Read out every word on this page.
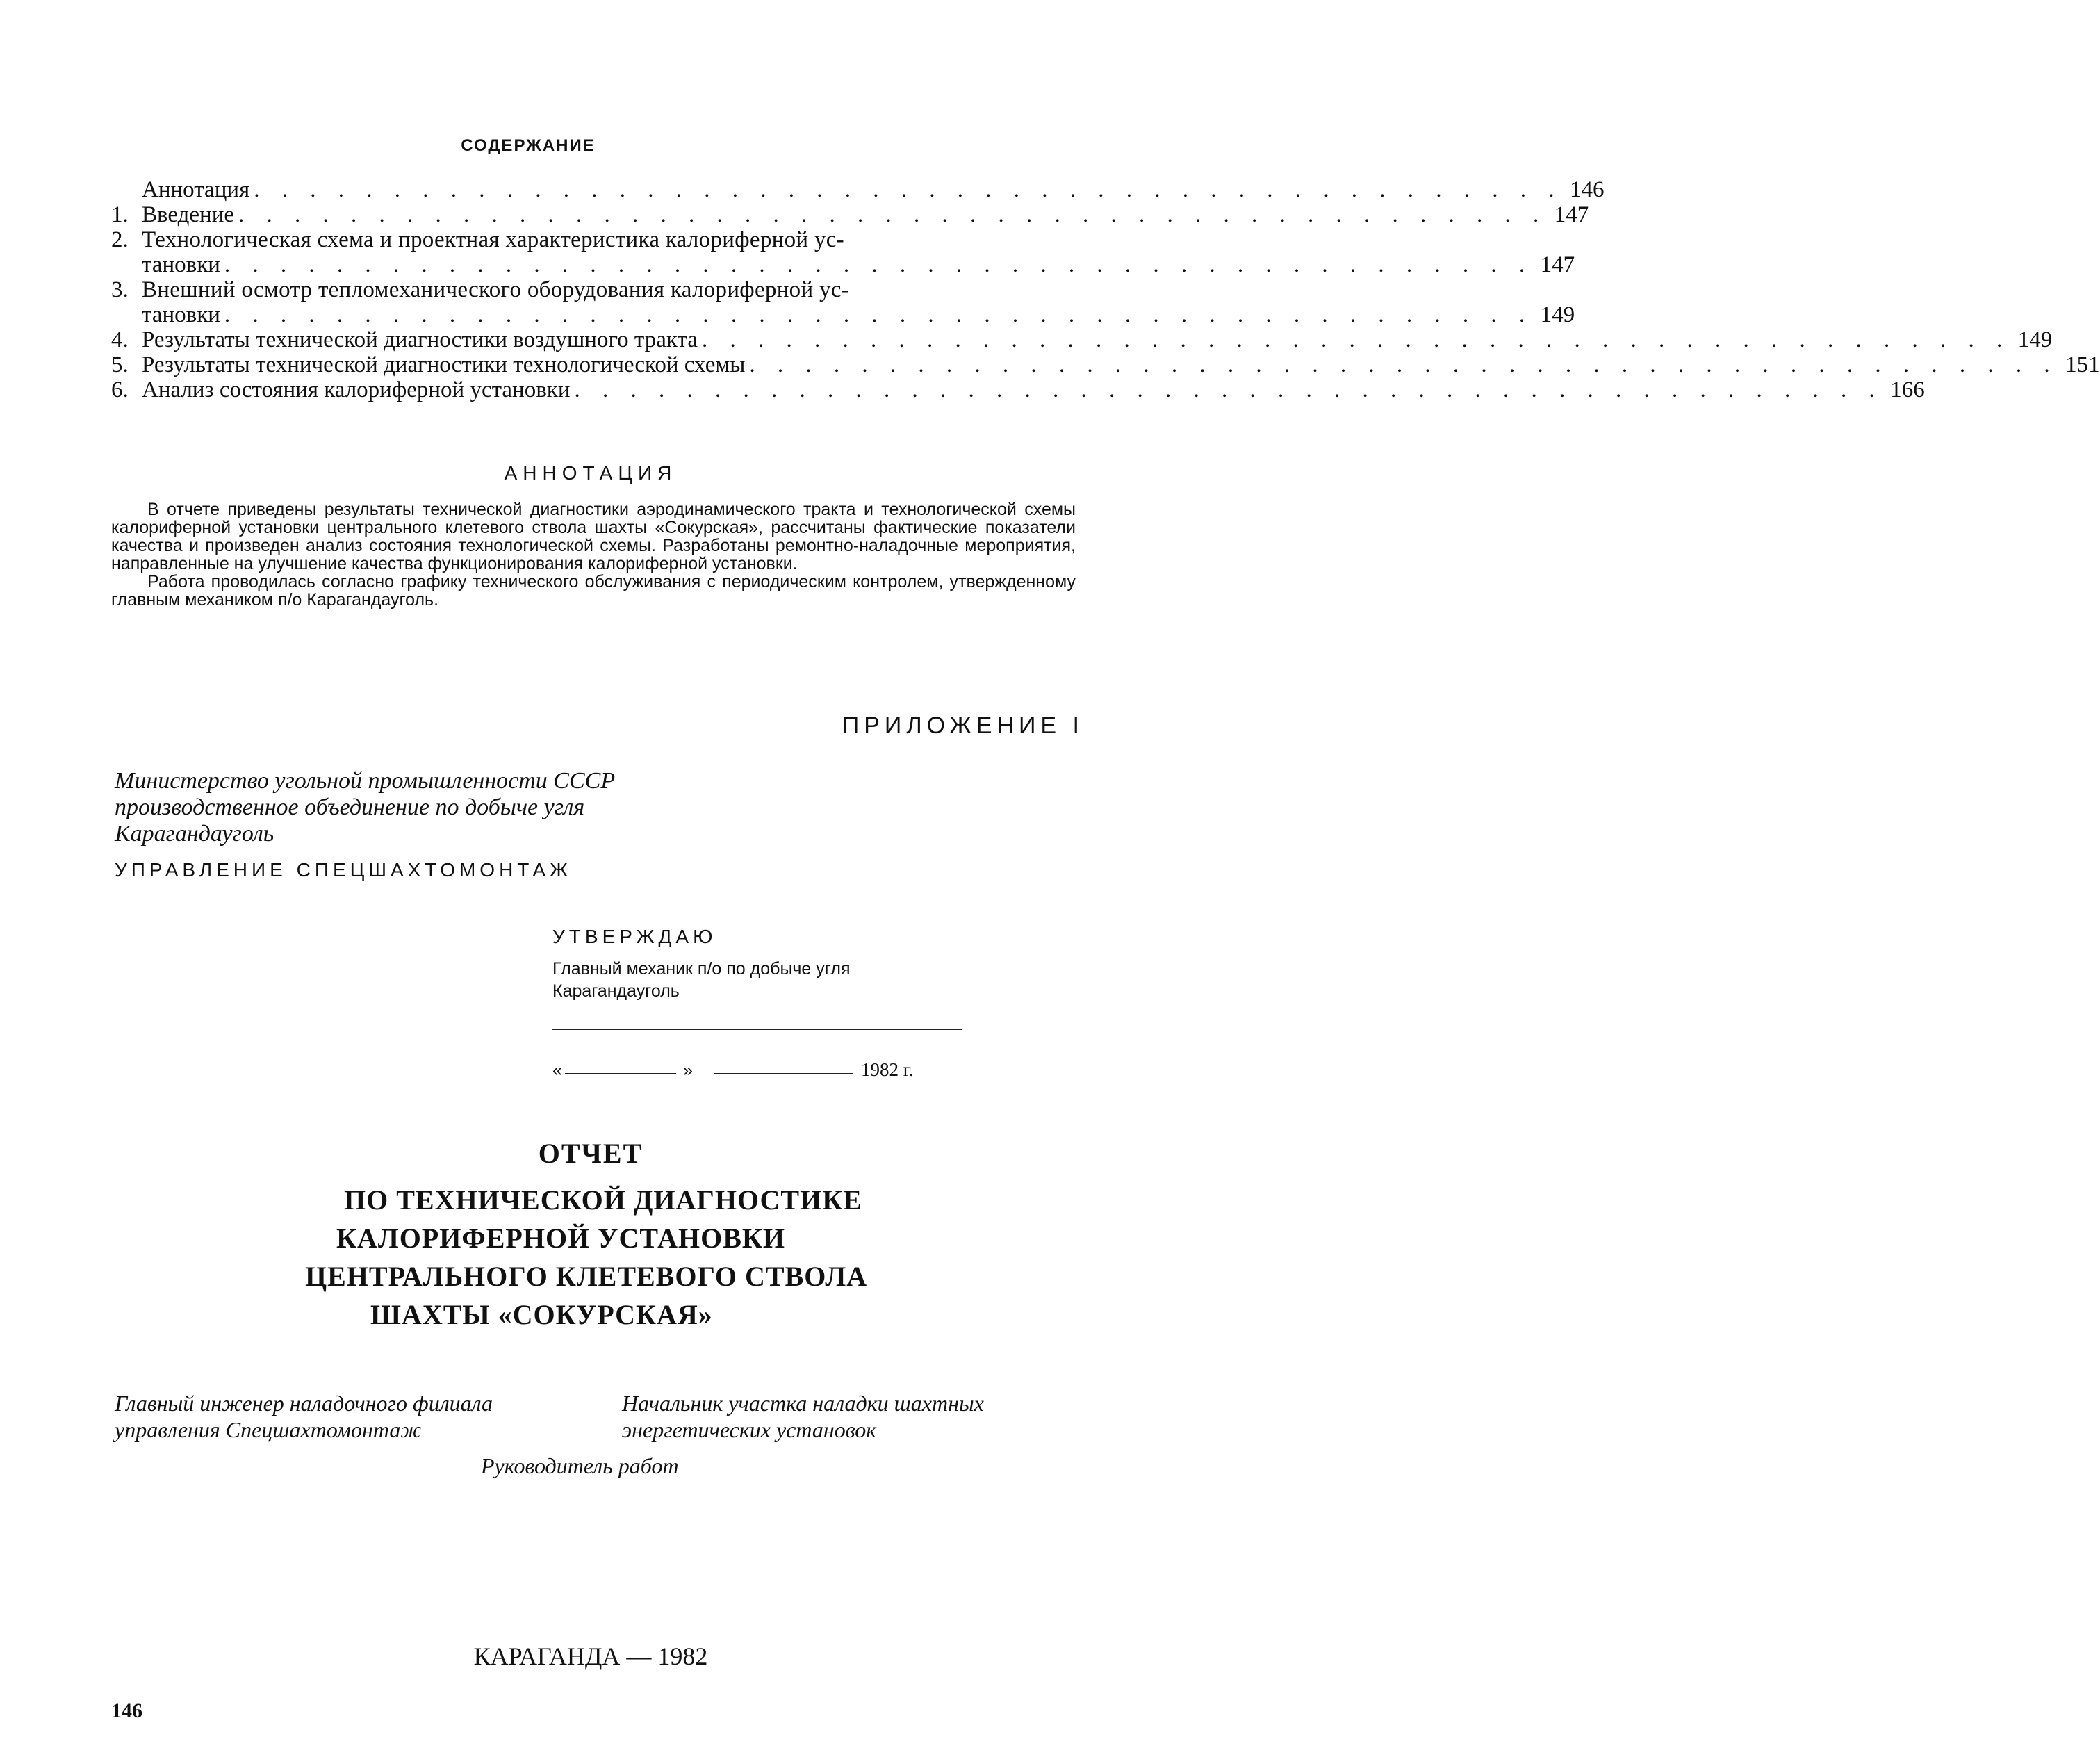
СОДЕРЖАНИЕ
Аннотация . . . . . . . . . . . . . . . . . . . . . . . . . . . . . . . . . . . . . . . . . . . . . . . 146
1. Введение . . . . . . . . . . . . . . . . . . . . . . . . . . . . . . . . . . . . . . . . . . . . . . . 147
2. Технологическая схема и проектная характеристика калориферной ус-
тановки . . . . . . . . . . . . . . . . . . . . . . . . . . . . . . . . . . . . . . . . . . . . . . . 147
3. Внешний осмотр тепломеханического оборудования калориферной ус-
тановки . . . . . . . . . . . . . . . . . . . . . . . . . . . . . . . . . . . . . . . . . . . . . . . 149
4. Результаты технической диагностики воздушного тракта . . . . . . . . . . . . . . . . . . . . . . . . . . . . . . . . . . . . . . . . . . . . . . . 149
5. Результаты технической диагностики технологической схемы . . . . . . . . . . . . . . . . . . . . . . . . . . . . . . . . . . . . . . . . . . . . . . . 151
6. Анализ состояния калориферной установки . . . . . . . . . . . . . . . . . . . . . . . . . . . . . . . . . . . . . . . . . . . . . . . 166
АННОТАЦИЯ

В отчете приведены результаты технической диагностики аэродинамического тракта и технологической схемы калориферной установки центрального клетевого ствола шахты «Сокурская», рассчитаны фактические показатели качества и произведен анализ состояния технологической схемы. Разработаны ремонтно-наладочные мероприятия, направленные на улучшение качества функционирования калориферной установки.

Работа проводилась согласно графику технического обслуживания с периодическим контролем, утвержденному главным механиком п/о Карагандауголь.

ПРИЛОЖЕНИЕ I
Министерство угольной промышленности СССР
производственное объединение по добыче угля
Карагандауголь
УПРАВЛЕНИЕ СПЕЦШАХТОМОНТАЖ
УТВЕРЖДАЮ
Главный механик п/о по добыче угля
Карагандауголь
«	»	1982 г.
ОТЧЕТ
ПО ТЕХНИЧЕСКОЙ ДИАГНОСТИКЕ
КАЛОРИФЕРНОЙ УСТАНОВКИ
ЦЕНТРАЛЬНОГО КЛЕТЕВОГО СТВОЛА
ШАХТЫ «СОКУРСКАЯ»
Главный инженер наладочного филиала
управления Спецшахтомонтаж
Начальник участка наладки шахтных
энергетических установок
Руководитель работ
КАРАГАНДА — 1982
146
